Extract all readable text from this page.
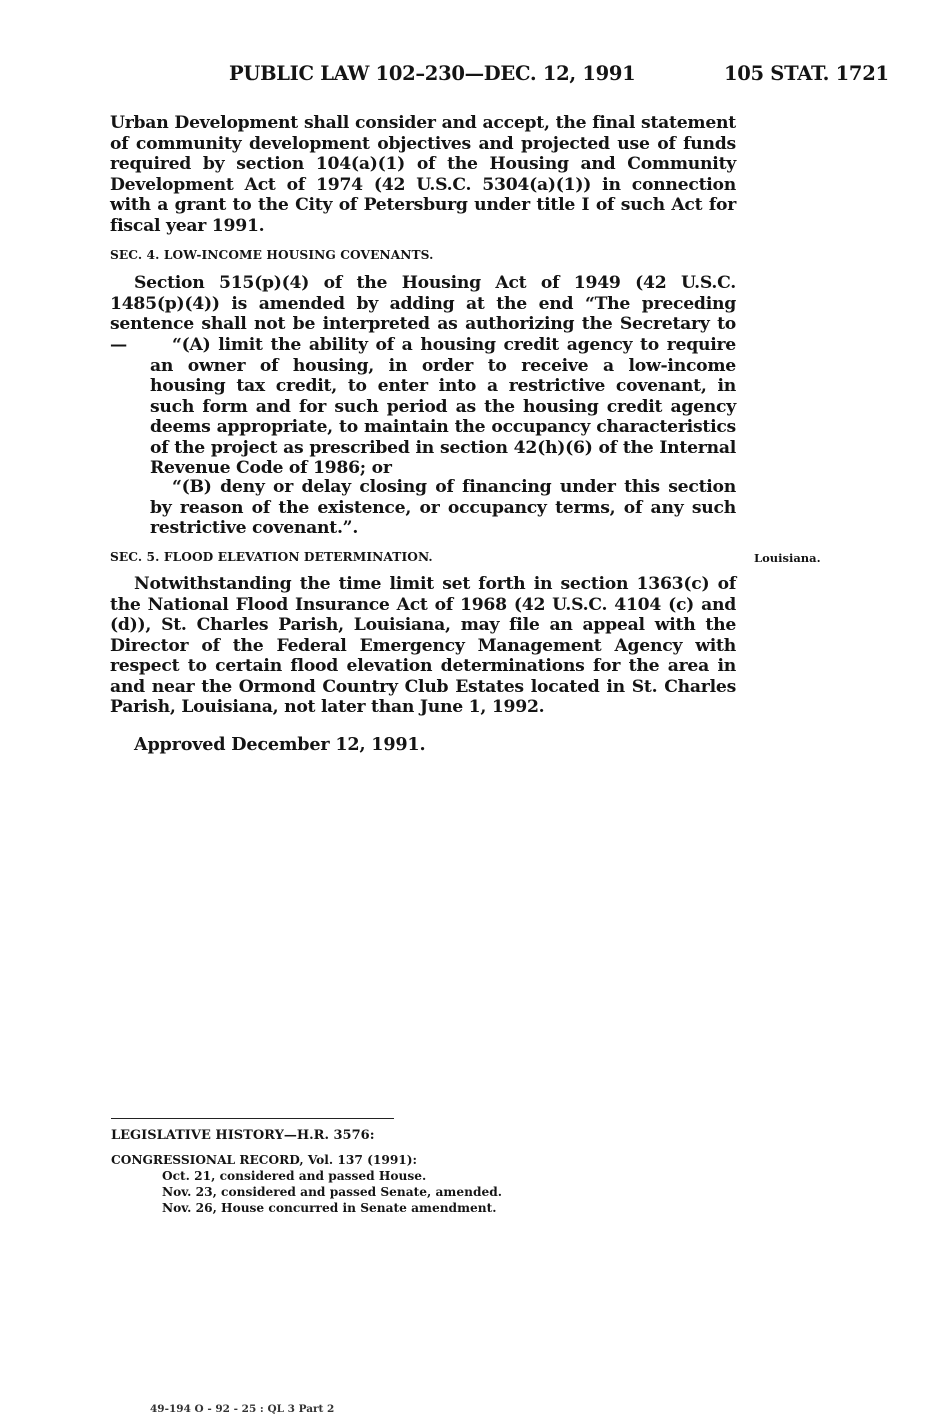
PUBLIC LAW 102–230—DEC. 12, 1991	105 STAT. 1721
Urban Development shall consider and accept, the final statement of community development objectives and projected use of funds required by section 104(a)(1) of the Housing and Community Development Act of 1974 (42 U.S.C. 5304(a)(1)) in connection with a grant to the City of Petersburg under title I of such Act for fiscal year 1991.
SEC. 4. LOW-INCOME HOUSING COVENANTS.
Section 515(p)(4) of the Housing Act of 1949 (42 U.S.C. 1485(p)(4)) is amended by adding at the end “The preceding sentence shall not be interpreted as authorizing the Secretary to—	“(A) limit the ability of a housing credit agency to require an owner of housing, in order to receive a low-income housing tax credit, to enter into a restrictive covenant, in such form and for such period as the housing credit agency deems appropriate, to maintain the occupancy characteristics of the project as prescribed in section 42(h)(6) of the Internal Revenue Code of 1986; or
“(B) deny or delay closing of financing under this section by reason of the existence, or occupancy terms, of any such restrictive covenant.”.
SEC. 5. FLOOD ELEVATION DETERMINATION.	Louisiana.
Notwithstanding the time limit set forth in section 1363(c) of the National Flood Insurance Act of 1968 (42 U.S.C. 4104 (c) and (d)), St. Charles Parish, Louisiana, may file an appeal with the Director of the Federal Emergency Management Agency with respect to certain flood elevation determinations for the area in and near the Ormond Country Club Estates located in St. Charles Parish, Louisiana, not later than June 1, 1992.
Approved December 12, 1991.
LEGISLATIVE HISTORY—H.R. 3576:
CONGRESSIONAL RECORD, Vol. 137 (1991):
Oct. 21, considered and passed House.
Nov. 23, considered and passed Senate, amended.
Nov. 26, House concurred in Senate amendment.
49-194 O - 92 - 25 : QL 3 Part 2
